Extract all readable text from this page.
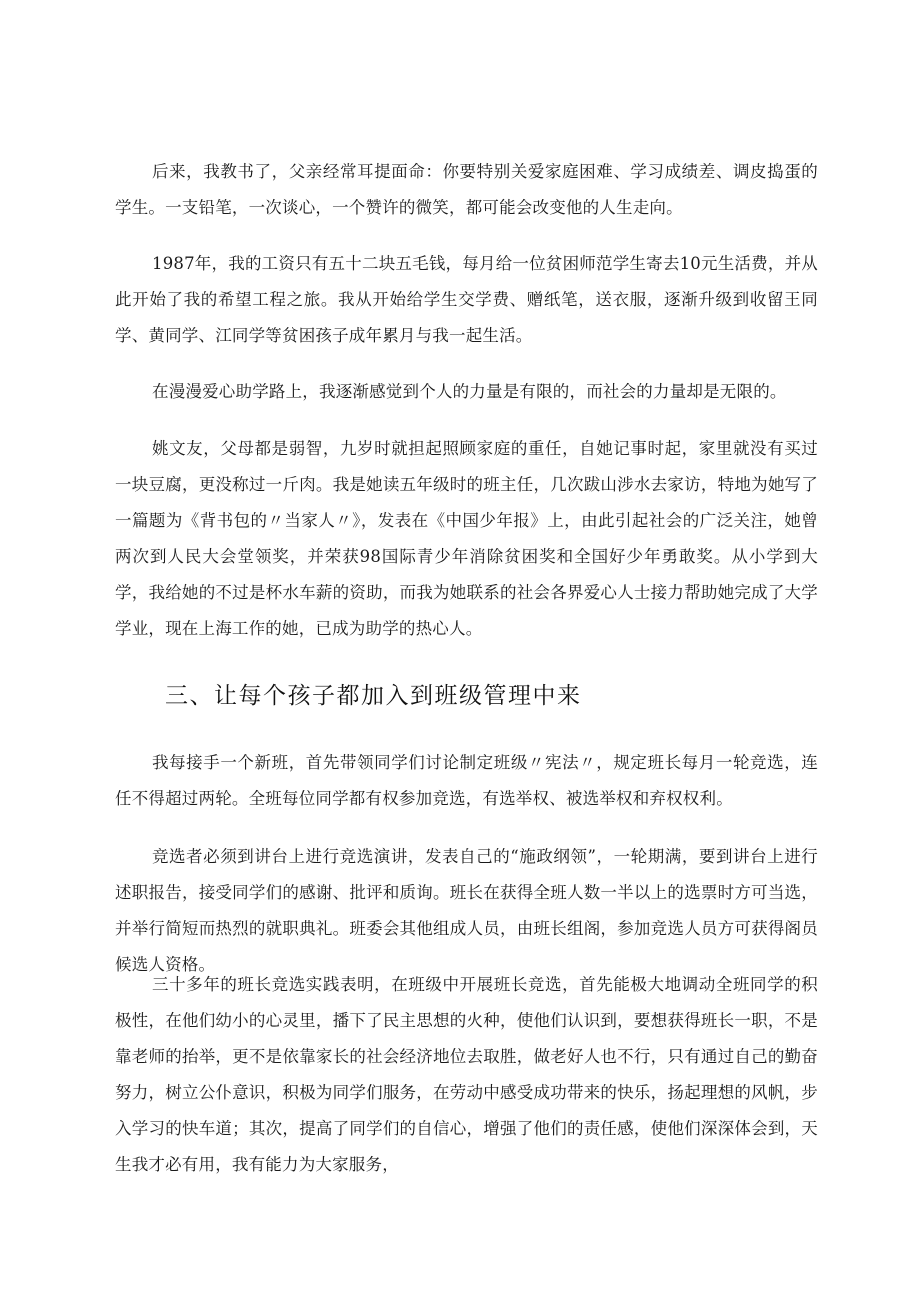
后来，我教书了，父亲经常耳提面命：你要特别关爱家庭困难、学习成绩差、调皮捣蛋的学生。一支铅笔，一次谈心，一个赞许的微笑，都可能会改变他的人生走向。

1987年，我的工资只有五十二块五毛钱，每月给一位贫困师范学生寄去10元生活费，并从此开始了我的希望工程之旅。我从开始给学生交学费、赠纸笔，送衣服，逐渐升级到收留王同学、黄同学、江同学等贫困孩子成年累月与我一起生活。

在漫漫爱心助学路上，我逐渐感觉到个人的力量是有限的，而社会的力量却是无限的。

姚文友，父母都是弱智，九岁时就担起照顾家庭的重任，自她记事时起，家里就没有买过一块豆腐，更没称过一斤肉。我是她读五年级时的班主任，几次跋山涉水去家访，特地为她写了一篇题为《背书包的〃当家人〃》，发表在《中国少年报》上，由此引起社会的广泛关注，她曾两次到人民大会堂领奖，并荣获98国际青少年消除贫困奖和全国好少年勇敢奖。从小学到大学，我给她的不过是杯水车薪的资助，而我为她联系的社会各界爱心人士接力帮助她完成了大学学业，现在上海工作的她，已成为助学的热心人。

三、让每个孩子都加入到班级管理中来

我每接手一个新班，首先带领同学们讨论制定班级〃宪法〃，规定班长每月一轮竞选，连任不得超过两轮。全班每位同学都有权参加竞选，有选举权、被选举权和弃权权利。

竞选者必须到讲台上进行竞选演讲，发表自己的“施政纲领”，一轮期满，要到讲台上进行述职报告，接受同学们的感谢、批评和质询。班长在获得全班人数一半以上的选票时方可当选，并举行简短而热烈的就职典礼。班委会其他组成人员，由班长组阁，参加竞选人员方可获得阁员候选人资格。

三十多年的班长竞选实践表明，在班级中开展班长竞选，首先能极大地调动全班同学的积极性，在他们幼小的心灵里，播下了民主思想的火种，使他们认识到，要想获得班长一职，不是靠老师的抬举，更不是依靠家长的社会经济地位去取胜，做老好人也不行，只有通过自己的勤奋努力，树立公仆意识，积极为同学们服务，在劳动中感受成功带来的快乐，扬起理想的风帆，步入学习的快车道；其次，提高了同学们的自信心，增强了他们的责任感，使他们深深体会到，天生我才必有用，我有能力为大家服务，
